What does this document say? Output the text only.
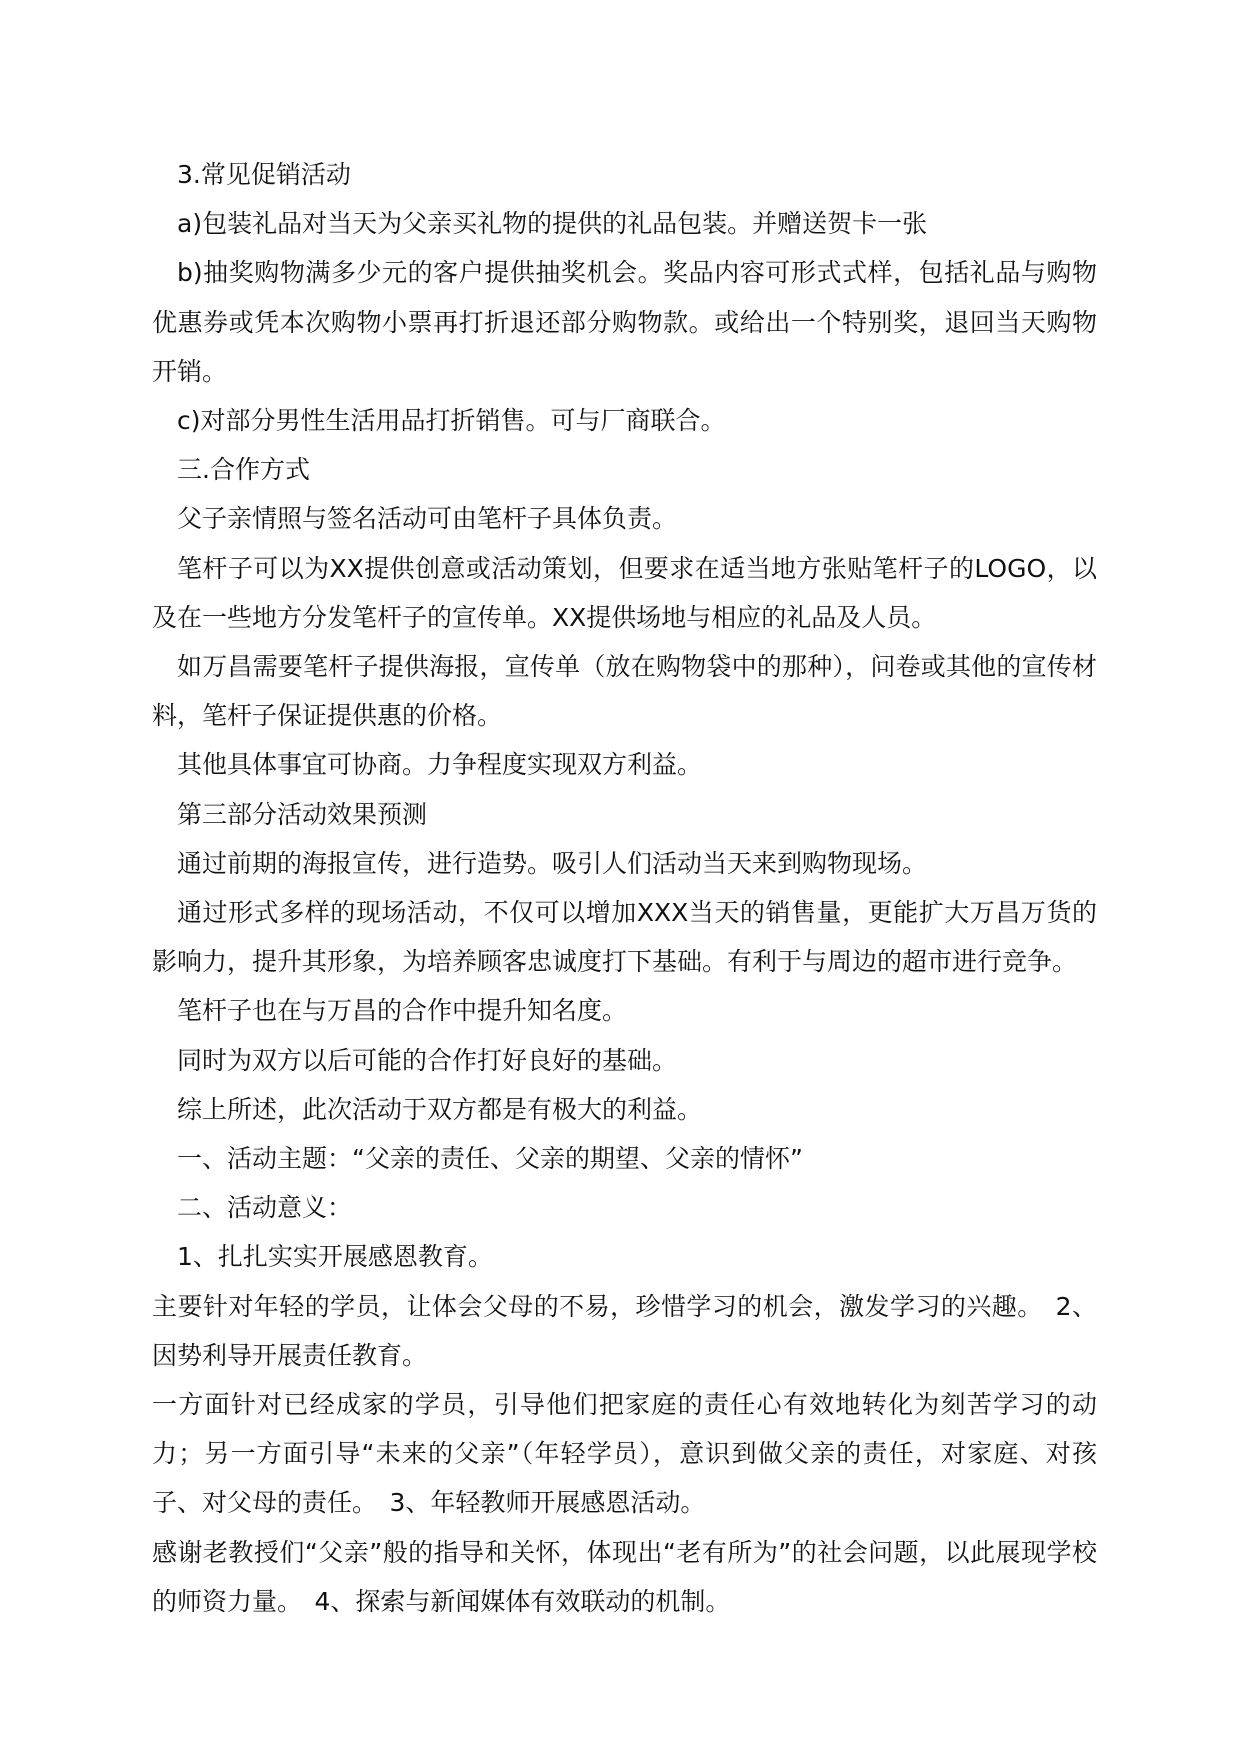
3.常见促销活动

a)包装礼品对当天为父亲买礼物的提供的礼品包装。并赠送贺卡一张

b)抽奖购物满多少元的客户提供抽奖机会。奖品内容可形式式样，包括礼品与购物优惠券或凭本次购物小票再打折退还部分购物款。或给出一个特别奖，退回当天购物开销。

c)对部分男性生活用品打折销售。可与厂商联合。

三.合作方式

父子亲情照与签名活动可由笔杆子具体负责。

笔杆子可以为XX提供创意或活动策划，但要求在适当地方张贴笔杆子的LOGO，以及在一些地方分发笔杆子的宣传单。XX提供场地与相应的礼品及人员。

如万昌需要笔杆子提供海报，宣传单（放在购物袋中的那种），问卷或其他的宣传材料，笔杆子保证提供惠的价格。

其他具体事宜可协商。力争程度实现双方利益。

第三部分活动效果预测

通过前期的海报宣传，进行造势。吸引人们活动当天来到购物现场。

通过形式多样的现场活动，不仅可以增加XXX当天的销售量，更能扩大万昌万货的影响力，提升其形象，为培养顾客忠诚度打下基础。有利于与周边的超市进行竞争。

笔杆子也在与万昌的合作中提升知名度。

同时为双方以后可能的合作打好良好的基础。

综上所述，此次活动于双方都是有极大的利益。

一、活动主题：“父亲的责任、父亲的期望、父亲的情怀”

二、活动意义：

1、扎扎实实开展感恩教育。

主要针对年轻的学员，让体会父母的不易，珍惜学习的机会，激发学习的兴趣。　2、因势利导开展责任教育。

一方面针对已经成家的学员，引导他们把家庭的责任心有效地转化为刻苦学习的动力；另一方面引导“未来的父亲”（年轻学员），意识到做父亲的责任，对家庭、对孩子、对父母的责任。　3、年轻教师开展感恩活动。

感谢老教授们“父亲”般的指导和关怀，体现出“老有所为”的社会问题，以此展现学校的师资力量。　4、探索与新闻媒体有效联动的机制。
